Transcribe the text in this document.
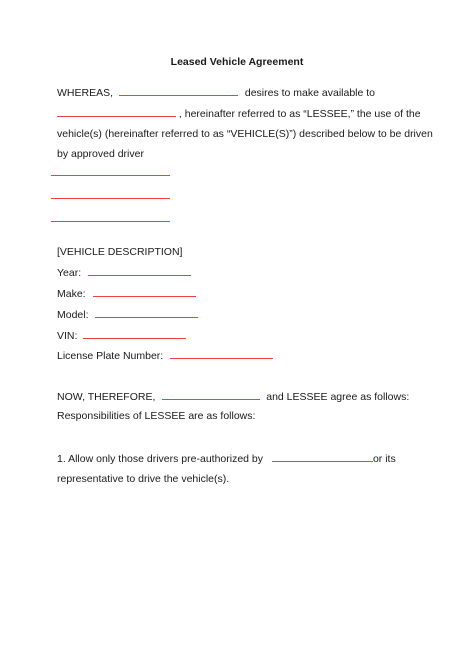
Leased Vehicle Agreement
WHEREAS,	desires to make available to
, hereinafter referred to as “LESSEE,” the use of the
vehicle(s) (hereinafter referred to as “VEHICLE(S)”) described below to be driven
by approved driver
[VEHICLE DESCRIPTION]
Year:
Make:
Model:
VIN:
License Plate Number:
NOW, THEREFORE,	and LESSEE agree as follows:
Responsibilities of LESSEE are as follows:
1. Allow only those drivers pre-authorized by	or its
representative to drive the vehicle(s).
